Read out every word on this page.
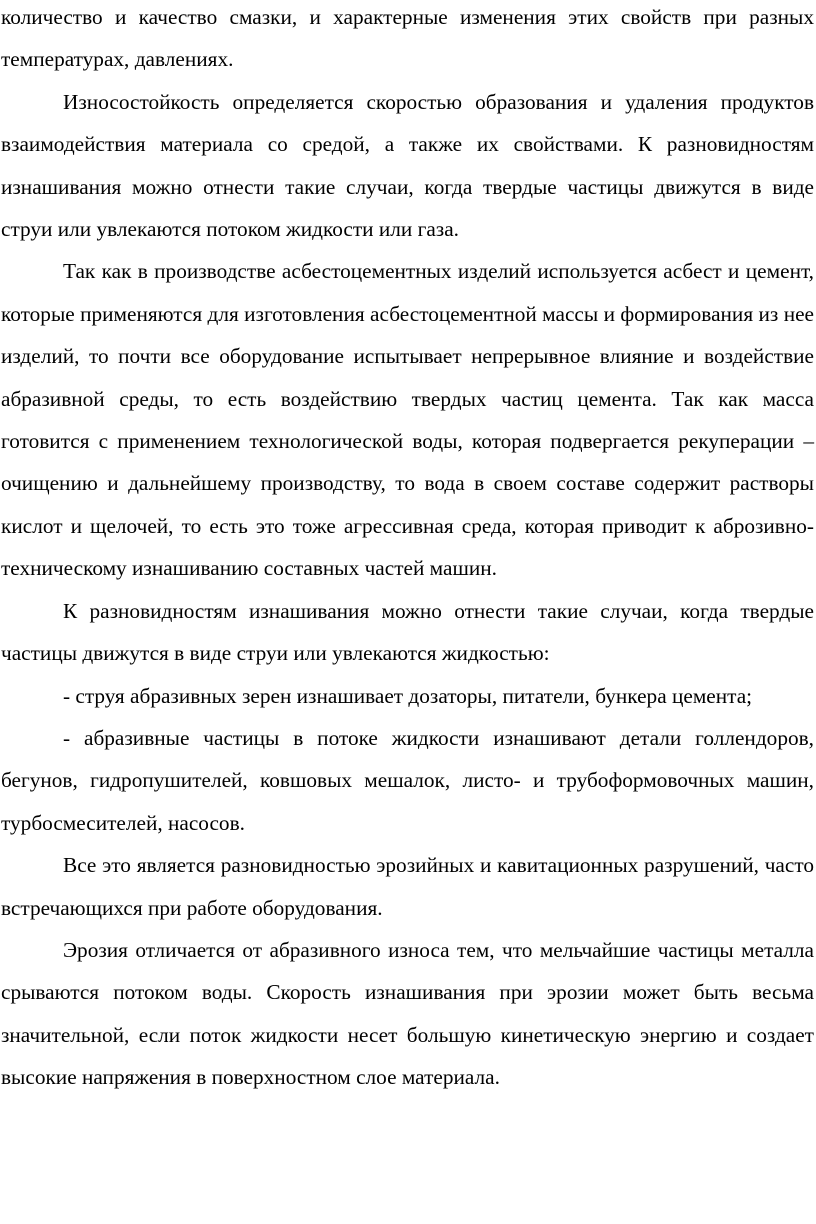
количество и качество смазки, и характерные изменения этих свойств при разных температурах, давлениях.

Износостойкость определяется скоростью образования и удаления продуктов взаимодействия материала со средой, а также их свойствами. К разновидностям изнашивания можно отнести такие случаи, когда твердые частицы движутся в виде струи или увлекаются потоком жидкости или газа.

Так как в производстве асбестоцементных изделий используется асбест и цемент, которые применяются для изготовления асбестоцементной массы и формирования из нее изделий, то почти все оборудование испытывает непрерывное влияние и воздействие абразивной среды, то есть воздействию твердых частиц цемента. Так как масса готовится с применением технологической воды, которая подвергается рекуперации – очищению и дальнейшему производству, то вода в своем составе содержит растворы кислот и щелочей, то есть это тоже агрессивная среда, которая приводит к аброзивно-техническому изнашиванию составных частей машин.

К разновидностям изнашивания можно отнести такие случаи, когда твердые частицы движутся в виде струи или увлекаются жидкостью:

- струя абразивных зерен изнашивает дозаторы, питатели, бункера цемента;

- абразивные частицы в потоке жидкости изнашивают детали голлендоров, бегунов, гидропушителей, ковшовых мешалок, листо- и трубоформовочных машин, турбосмесителей, насосов.

Все это является разновидностью эрозийных и кавитационных разрушений, часто встречающихся при работе оборудования.

Эрозия отличается от абразивного износа тем, что мельчайшие частицы металла срываются потоком воды. Скорость изнашивания при эрозии может быть весьма значительной, если поток жидкости несет большую кинетическую энергию и создает высокие напряжения в поверхностном слое материала.
